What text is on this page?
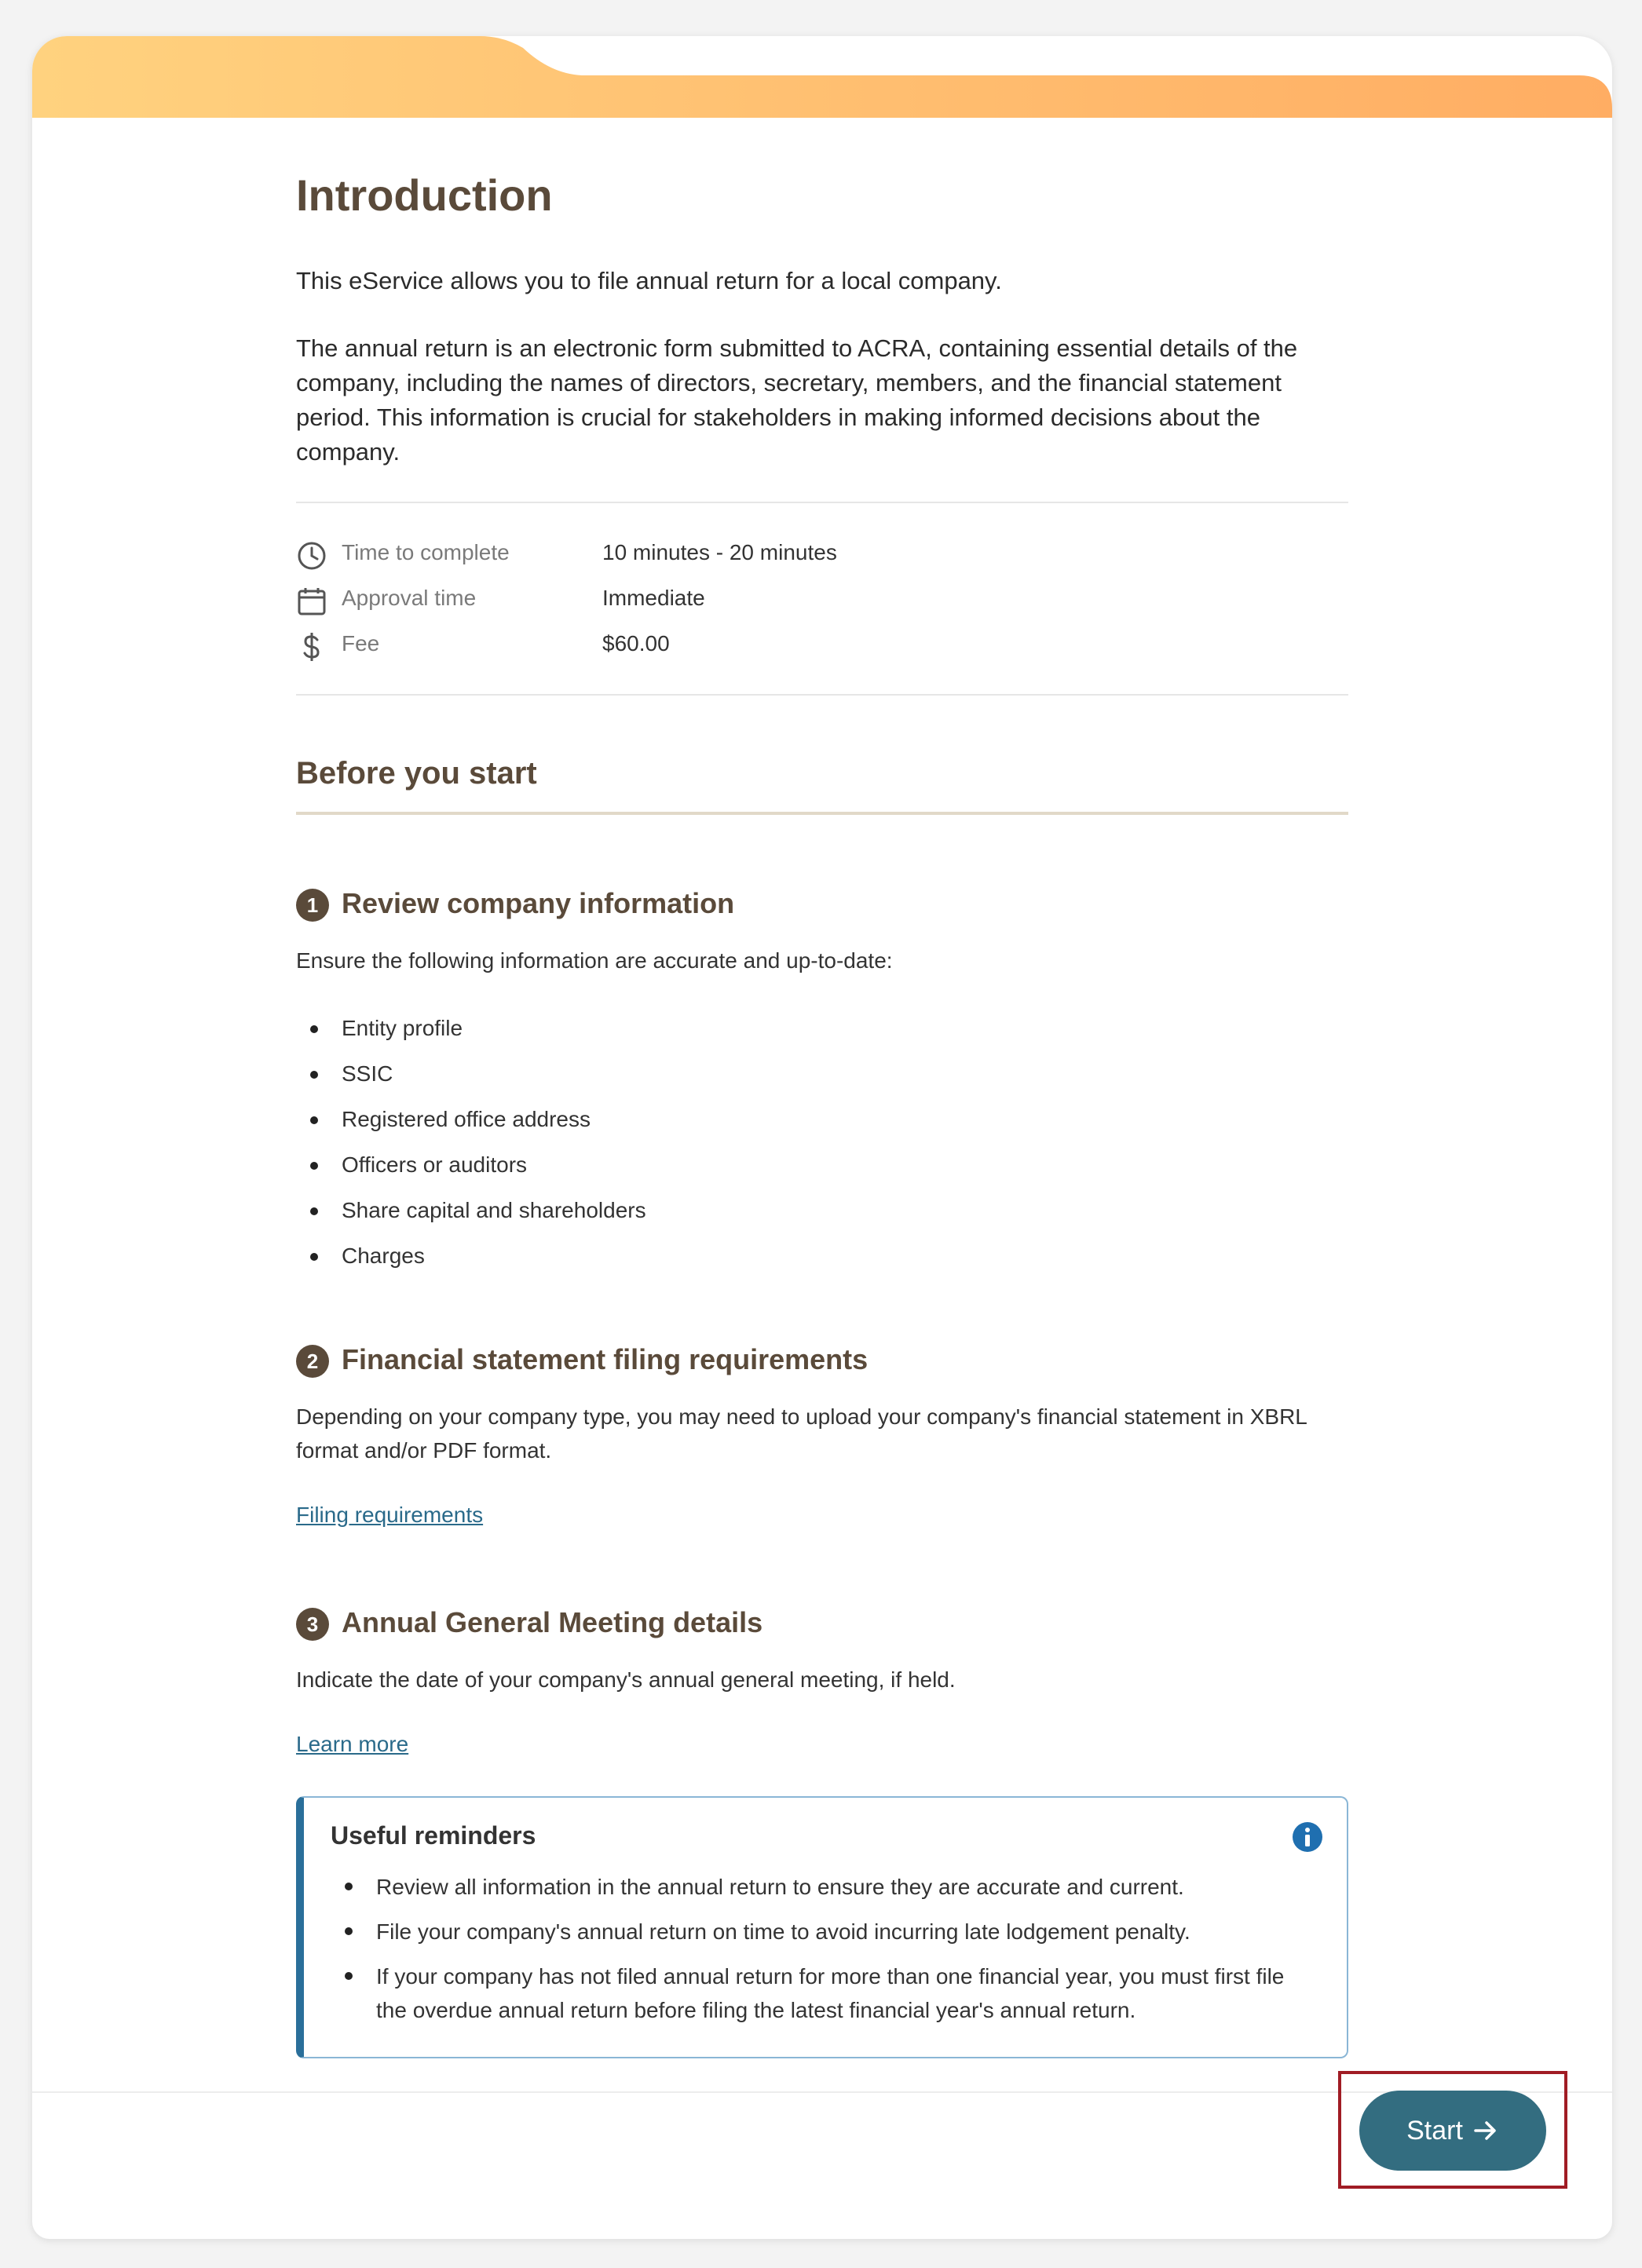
Introduction

This eService allows you to file annual return for a local company.

The annual return is an electronic form submitted to ACRA, containing essential details of the company, including the names of directors, secretary, members, and the financial statement period. This information is crucial for stakeholders in making informed decisions about the company.

Time to complete	10 minutes - 20 minutes
Approval time	Immediate
Fee	$60.00
Before you start
1 Review company information

Ensure the following information are accurate and up-to-date:

Entity profile
SSIC
Registered office address
Officers or auditors
Share capital and shareholders
Charges
2 Financial statement filing requirements

Depending on your company type, you may need to upload your company's financial statement in XBRL format and/or PDF format.

Filing requirements
3 Annual General Meeting details

Indicate the date of your company's annual general meeting, if held.

Learn more
Useful reminders
Review all information in the annual return to ensure they are accurate and current.
File your company's annual return on time to avoid incurring late lodgement penalty.
If your company has not filed annual return for more than one financial year, you must first file the overdue annual return before filing the latest financial year's annual return.
Start
